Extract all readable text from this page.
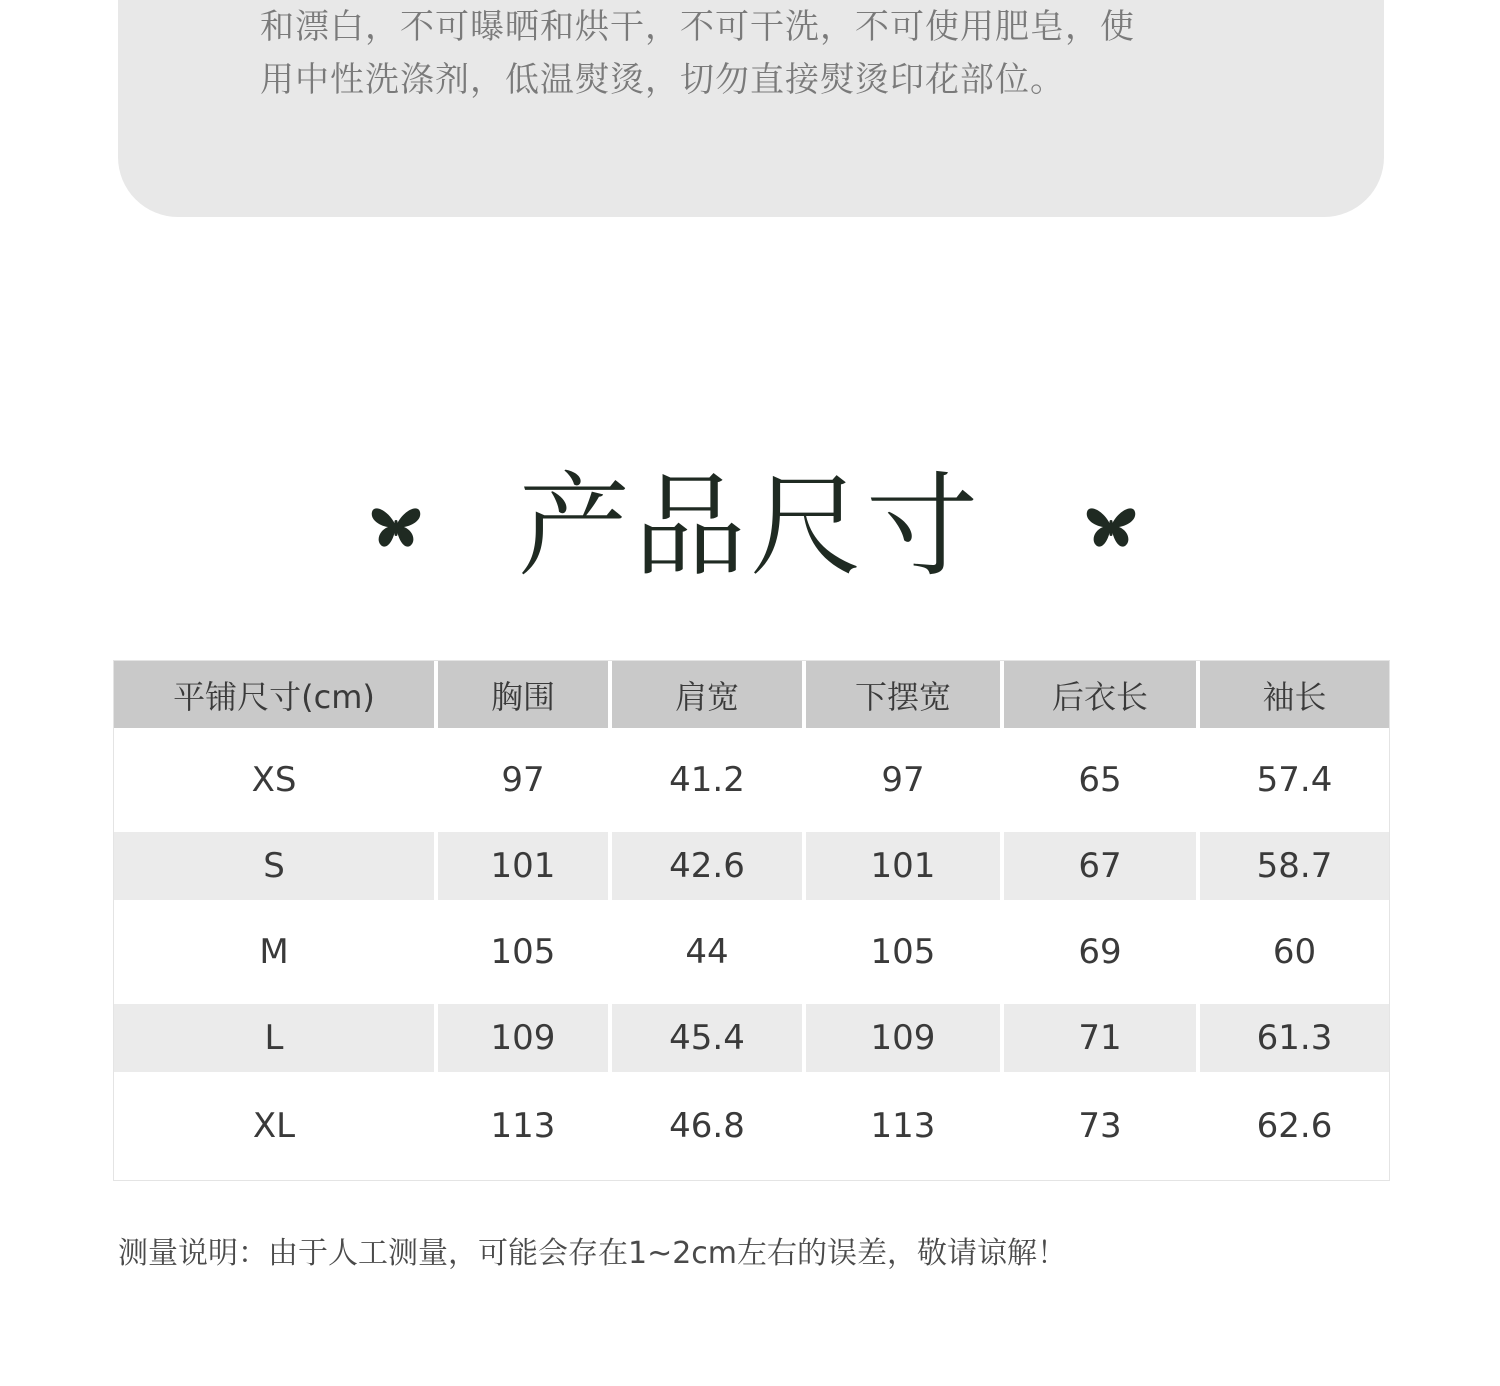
和漂白，不可曝晒和烘干，不可干洗，不可使用肥皂，使
用中性洗涤剂，低温熨烫，切勿直接熨烫印花部位。

产品尺寸
平铺尺寸(cm)	胸围	肩宽	下摆宽	后衣长	袖长
XS	97	41.2	97	65	57.4
S	101	42.6	101	67	58.7
M	105	44	105	69	60
L	109	45.4	109	71	61.3
XL	113	46.8	113	73	62.6

测量说明：由于人工测量，可能会存在1~2cm左右的误差，敬请谅解！
